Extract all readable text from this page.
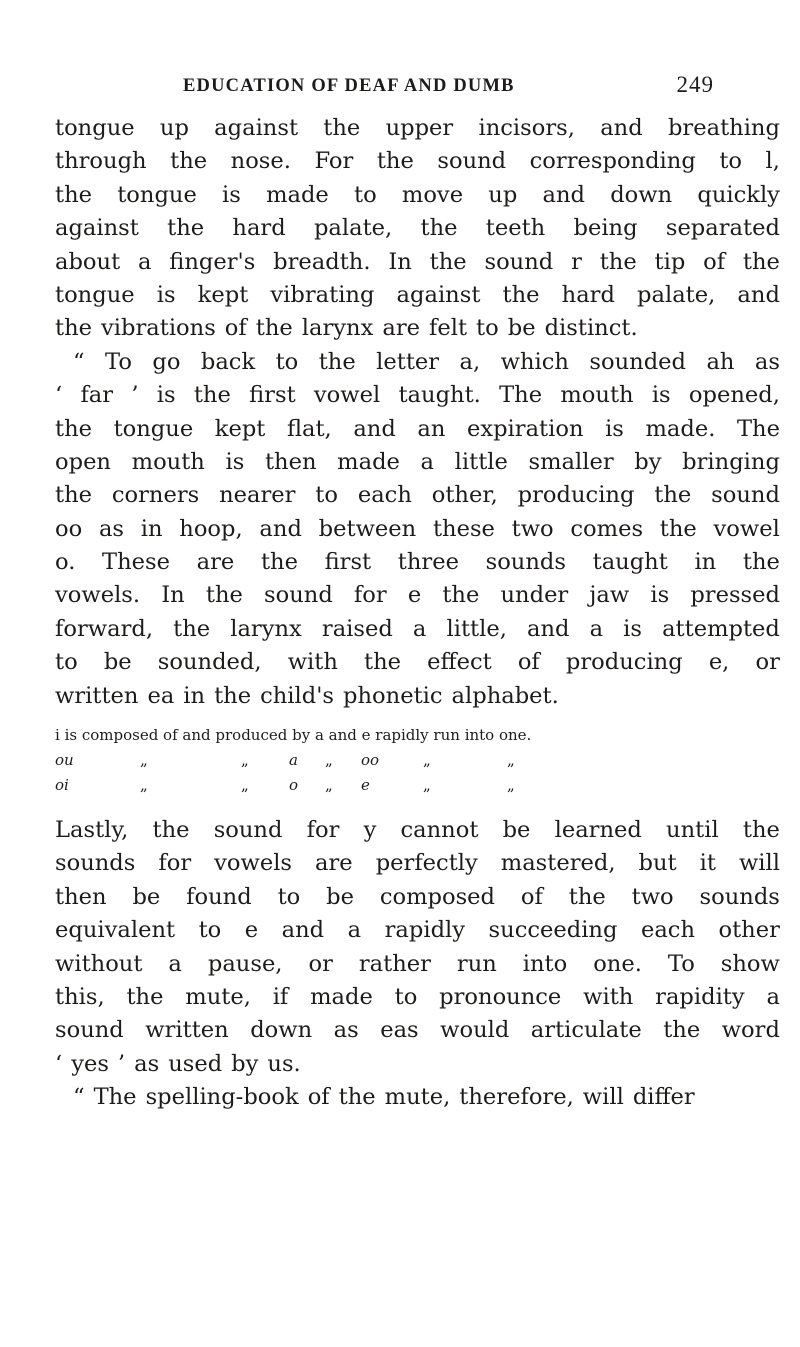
EDUCATION OF DEAF AND DUMB	249
tongue up against the upper incisors, and breathing
through the nose. For the sound corresponding to l,
the tongue is made to move up and down quickly
against the hard palate, the teeth being separated
about a finger's breadth. In the sound r the tip of the
tongue is kept vibrating against the hard palate, and
the vibrations of the larynx are felt to be distinct.
“ To go back to the letter a, which sounded ah as
‘ far ’ is the first vowel taught. The mouth is opened,
the tongue kept flat, and an expiration is made. The
open mouth is then made a little smaller by bringing
the corners nearer to each other, producing the sound
oo as in hoop, and between these two comes the vowel
o. These are the first three sounds taught in the
vowels. In the sound for e the under jaw is pressed
forward, the larynx raised a little, and a is attempted
to be sounded, with the effect of producing e, or
written ea in the child's phonetic alphabet.
i is composed of and produced by a and e rapidly run into one.
ou	„	„	a „ oo	„	„
oi	„	„	o „ e	„	„
Lastly, the sound for y cannot be learned until the
sounds for vowels are perfectly mastered, but it will
then be found to be composed of the two sounds
equivalent to e and a rapidly succeeding each other
without a pause, or rather run into one. To show
this, the mute, if made to pronounce with rapidity a
sound written down as eas would articulate the word
‘ yes ’ as used by us.
“ The spelling-book of the mute, therefore, will differ
